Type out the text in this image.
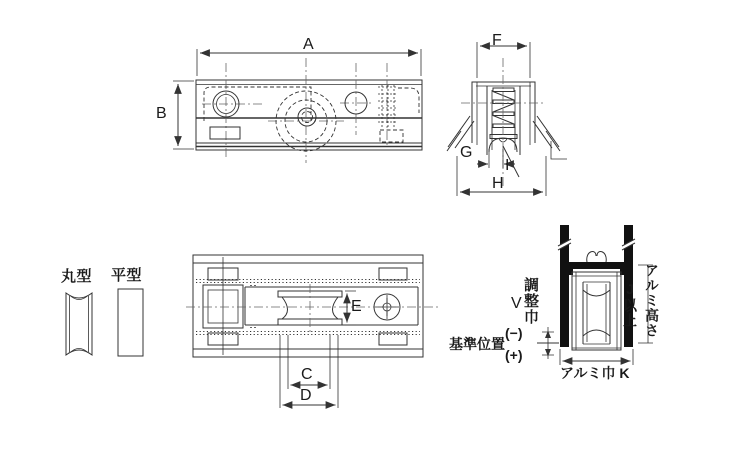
A
B
F
G
I
H
丸型 平型
E
C
D
V 調整巾
(−)
基準位置
(+)
J以上 アルミ高さ
アルミ巾 K
